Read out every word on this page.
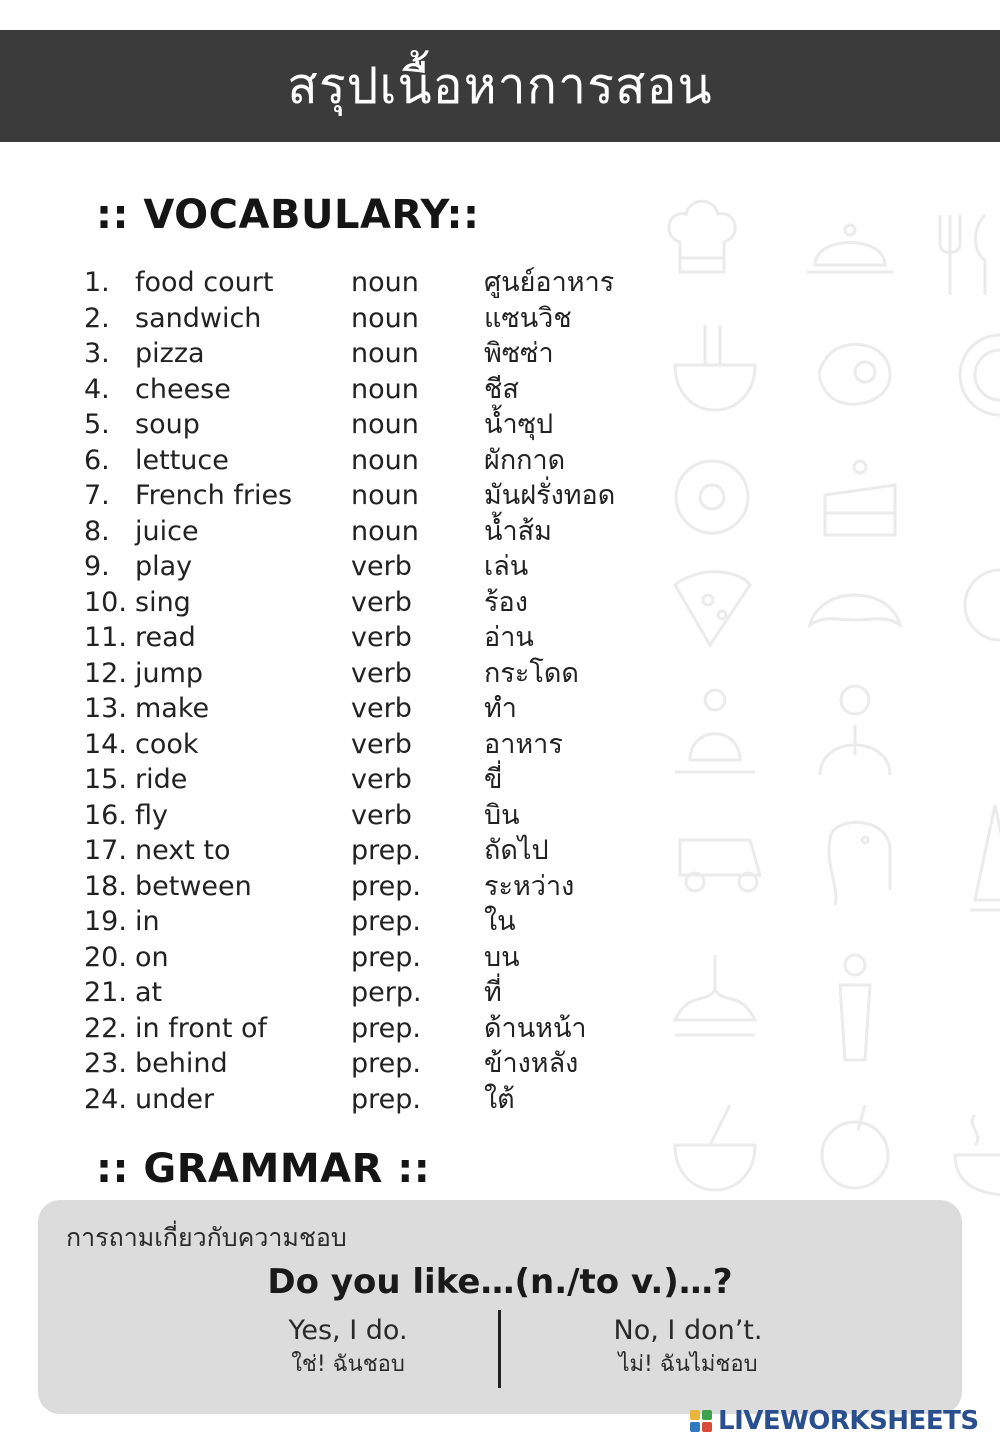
สรุปเนื้อหาการสอน
:: VOCABULARY::
1. food court	noun ศูนย์อาหาร
2. sandwich	noun แซนวิช
3. pizza	noun พิซซ่า
4. cheese	noun ชีส
5. soup	noun น้ำซุป
6. lettuce	noun ผักกาด
7. French fries noun มันฝรั่งทอด
8. juice	noun น้ำส้ม
9. play	verb	เล่น
10. sing	verb	ร้อง
11. read	verb	อ่าน
12. jump	verb	กระโดด
13. make	verb	ทำ
14. cook	verb	อาหาร
15. ride	verb	ขี่
16. fly	verb	บิน
17. next to	prep. ถัดไป
18. between	prep. ระหว่าง
19. in	prep. ใน
20. on	prep. บน
21. at	perp. ที่
22. in front of	prep. ด้านหน้า
23. behind	prep. ข้างหลัง
24. under	prep. ใต้
:: GRAMMAR ::
การถามเกี่ยวกับความชอบ
Do you like…(n./to v.)…?
Yes, I do.
ใช่! ฉันชอบ
No, I don’t.
ไม่! ฉันไม่ชอบ
LIVEWORKSHEETS
